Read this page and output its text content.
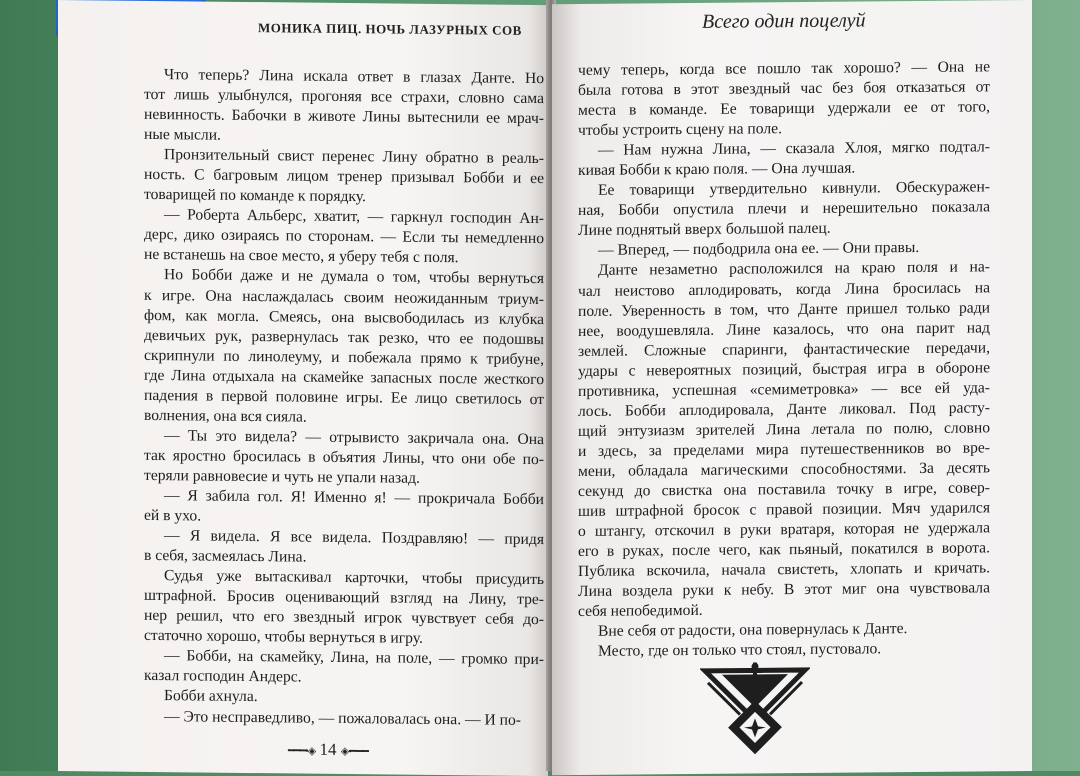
МОНИКА ПИЦ. НОЧЬ ЛАЗУРНЫХ СОВ
Что теперь? Лина искала ответ в глазах Данте. Но
тот лишь улыбнулся, прогоняя все страхи, словно сама
невинность. Бабочки в животе Лины вытеснили ее мрач-
ные мысли.
Пронзительный свист перенес Лину обратно в реаль-
ность. С багровым лицом тренер призывал Бобби и ее
товарищей по команде к порядку.
— Роберта Альберс, хватит, — гаркнул господин Ан-
дерс, дико озираясь по сторонам. — Если ты немедленно
не встанешь на свое место, я уберу тебя с поля.
Но Бобби даже и не думала о том, чтобы вернуться
к игре. Она наслаждалась своим неожиданным триум-
фом, как могла. Смеясь, она высвободилась из клубка
девичьих рук, развернулась так резко, что ее подошвы
скрипнули по линолеуму, и побежала прямо к трибуне,
где Лина отдыхала на скамейке запасных после жесткого
падения в первой половине игры. Ее лицо светилось от
волнения, она вся сияла.
— Ты это видела? — отрывисто закричала она. Она
так яростно бросилась в объятия Лины, что они обе по-
теряли равновесие и чуть не упали назад.
— Я забила гол. Я! Именно я! — прокричала Бобби
ей в ухо.
— Я видела. Я все видела. Поздравляю! — придя
в себя, засмеялась Лина.
Судья уже вытаскивал карточки, чтобы присудить
штрафной. Бросив оценивающий взгляд на Лину, тре-
нер решил, что его звездный игрок чувствует себя до-
статочно хорошо, чтобы вернуться в игру.
— Бобби, на скамейку, Лина, на поле, — громко при-
казал господин Андерс.
Бобби ахнула.
— Это несправедливо, — пожаловалась она. — И по-
━━━•◈ 14 ◈•━━━
Всего один поцелуй
чему теперь, когда все пошло так хорошо? — Она не
была готова в этот звездный час без боя отказаться от
места в команде. Ее товарищи удержали ее от того,
чтобы устроить сцену на поле.
— Нам нужна Лина, — сказала Хлоя, мягко подтал-
кивая Бобби к краю поля. — Она лучшая.
Ее товарищи утвердительно кивнули. Обескуражен-
ная, Бобби опустила плечи и нерешительно показала
Лине поднятый вверх большой палец.
— Вперед, — подбодрила она ее. — Они правы.
Данте незаметно расположился на краю поля и на-
чал неистово аплодировать, когда Лина бросилась на
поле. Уверенность в том, что Данте пришел только ради
нее, воодушевляла. Лине казалось, что она парит над
землей. Сложные спаринги, фантастические передачи,
удары с невероятных позиций, быстрая игра в обороне
противника, успешная «семиметровка» — все ей уда-
лось. Бобби аплодировала, Данте ликовал. Под расту-
щий энтузиазм зрителей Лина летала по полю, словно
и здесь, за пределами мира путешественников во вре-
мени, обладала магическими способностями. За десять
секунд до свистка она поставила точку в игре, совер-
шив штрафной бросок с правой позиции. Мяч ударился
о штангу, отскочил в руки вратаря, которая не удержала
его в руках, после чего, как пьяный, покатился в ворота.
Публика вскочила, начала свистеть, хлопать и кричать.
Лина воздела руки к небу. В этот миг она чувствовала
себя непобедимой.
Вне себя от радости, она повернулась к Данте.
Место, где он только что стоял, пустовало.
